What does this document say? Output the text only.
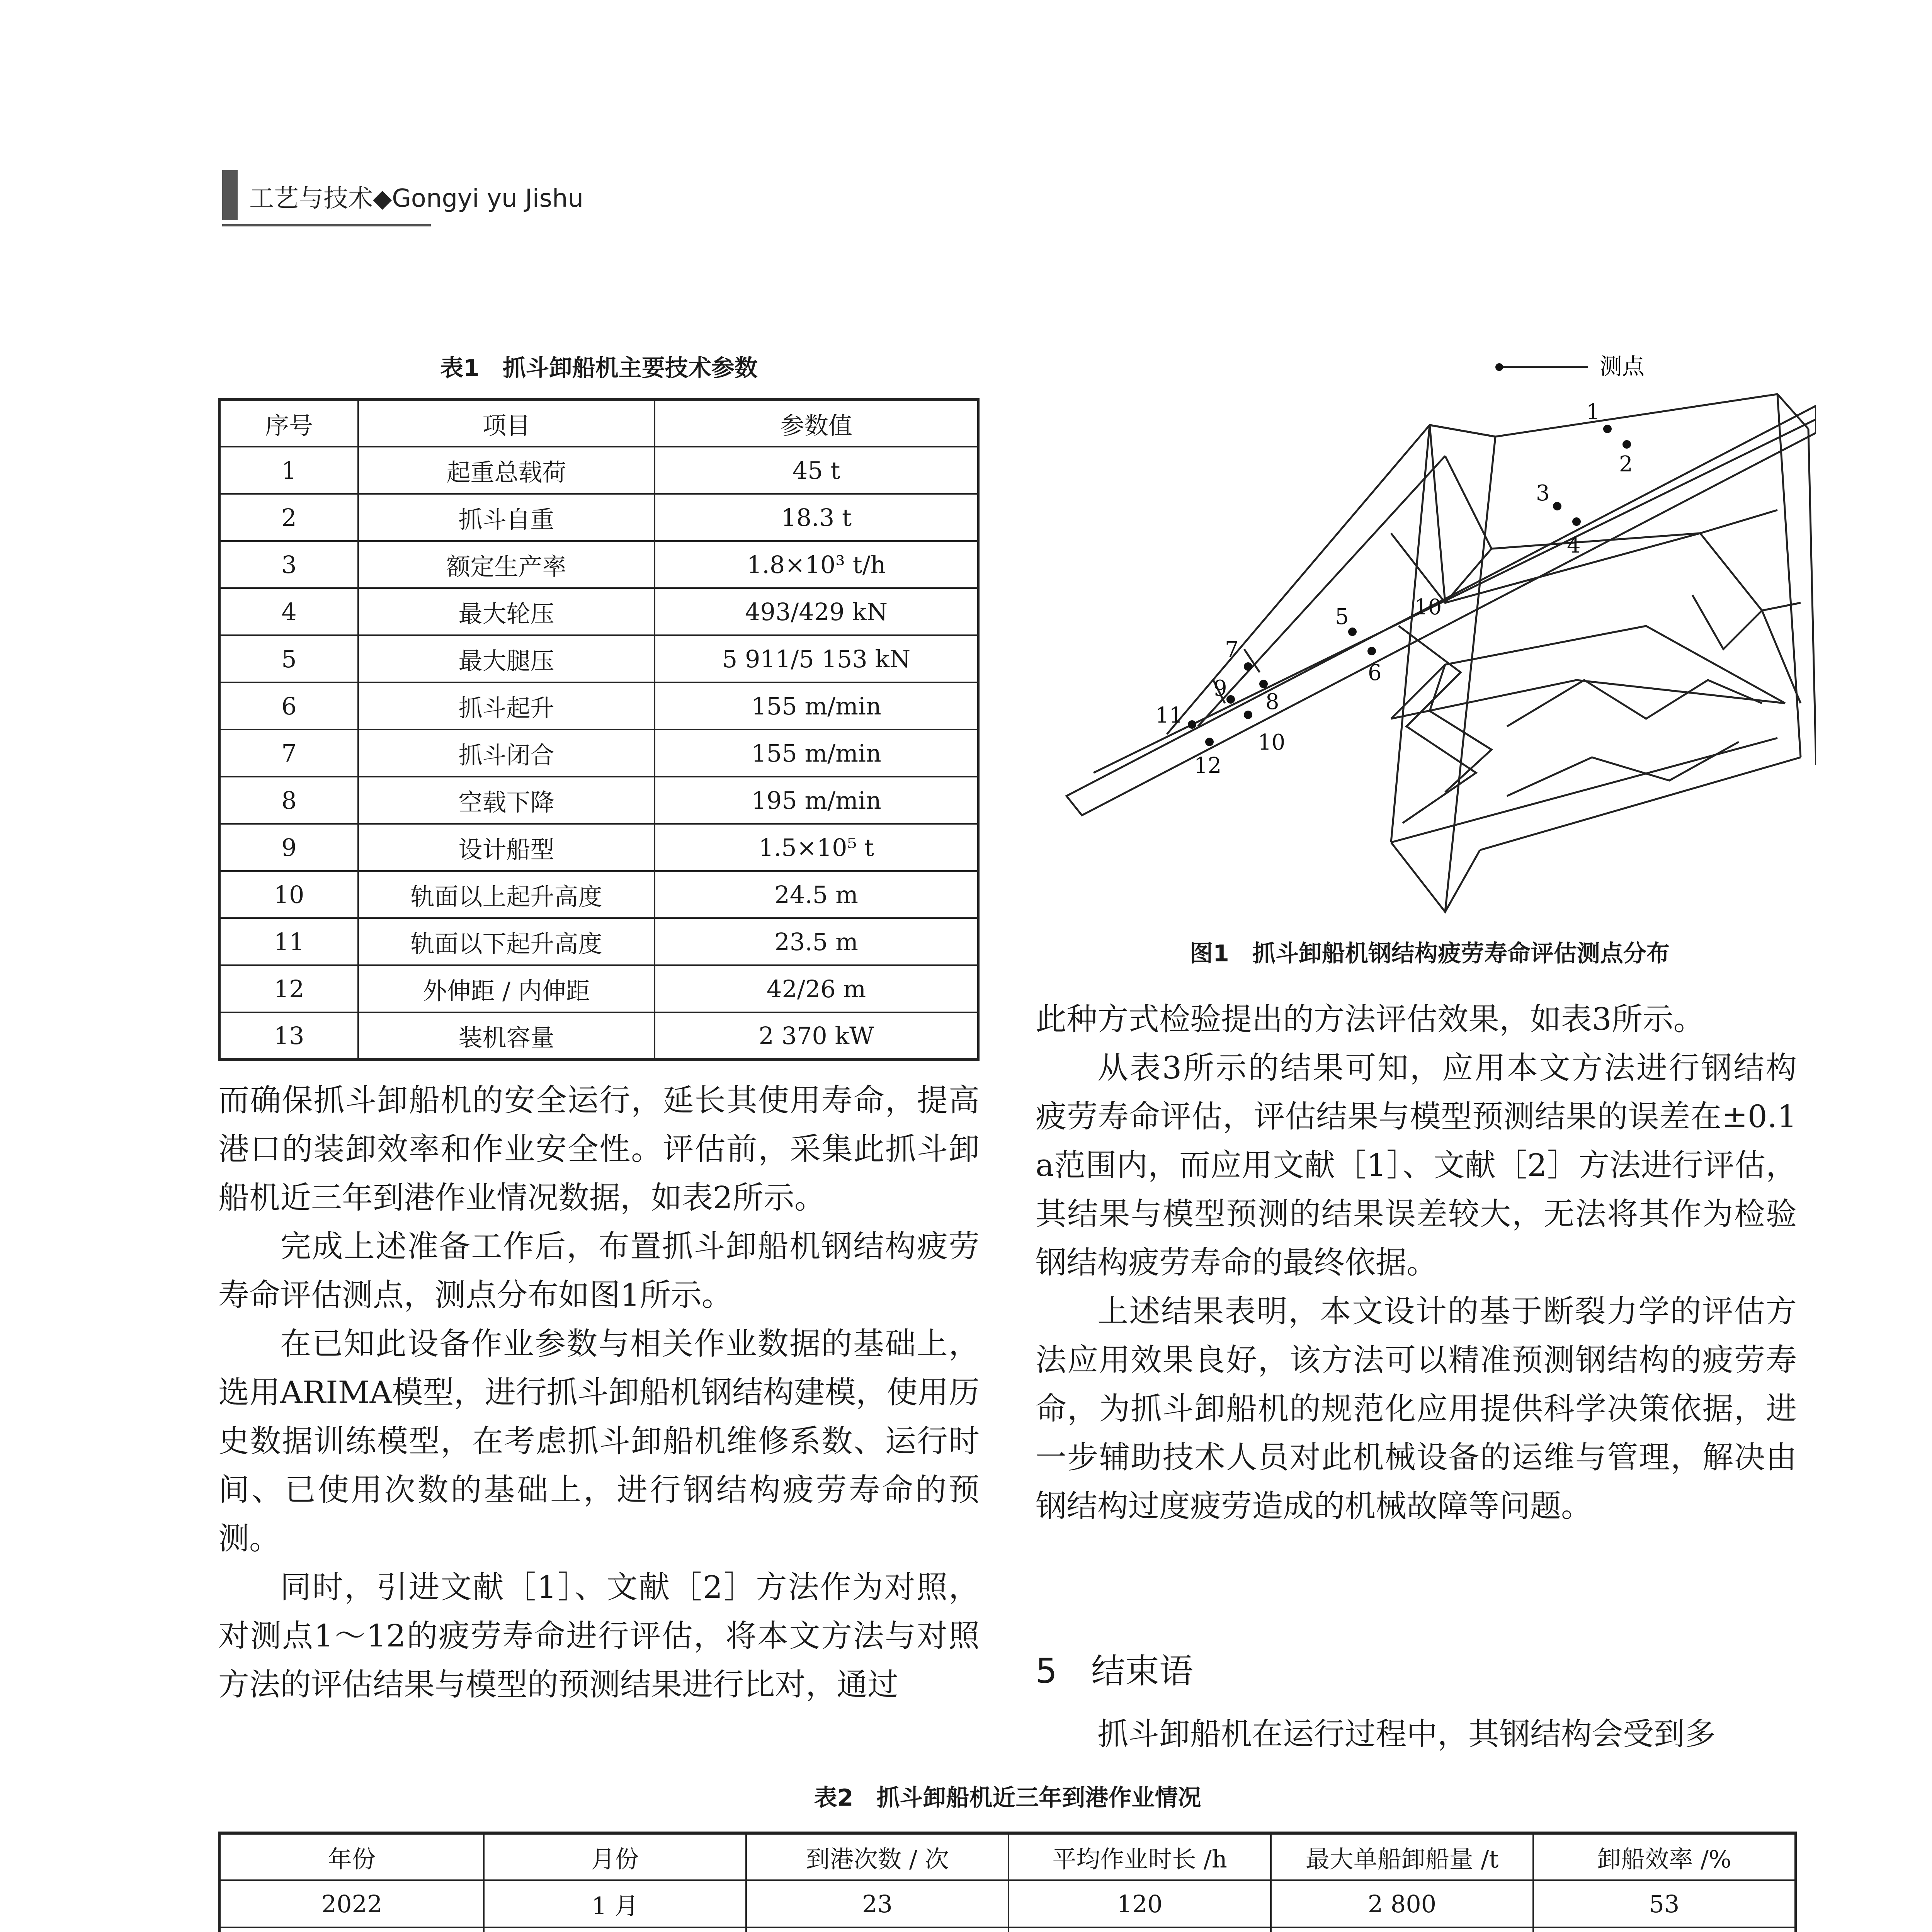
工艺与技术◆Gongyi yu Jishu
表1　抓斗卸船机主要技术参数
序号	项目	参数值
1	起重总载荷	45 t
2	抓斗自重	18.3 t
3	额定生产率	1.8×10³ t/h
4	最大轮压	493/429 kN
5	最大腿压	5 911/5 153 kN
6	抓斗起升	155 m/min
7	抓斗闭合	155 m/min
8	空载下降	195 m/min
9	设计船型	1.5×10⁵ t
10	轨面以上起升高度	24.5 m
11	轨面以下起升高度	23.5 m
12	外伸距 / 内伸距	42/26 m
13	装机容量	2 370 kW
测点
1
2
3
4
5
6
7
8
9
10
11
12
10
图1　抓斗卸船机钢结构疲劳寿命评估测点分布

而确保抓斗卸船机的安全运行，延长其使用寿命，提高港口的装卸效率和作业安全性。评估前，采集此抓斗卸船机近三年到港作业情况数据，如表2所示。

完成上述准备工作后，布置抓斗卸船机钢结构疲劳寿命评估测点，测点分布如图1所示。

在已知此设备作业参数与相关作业数据的基础上，选用ARIMA模型，进行抓斗卸船机钢结构建模，使用历史数据训练模型，在考虑抓斗卸船机维修系数、运行时间、已使用次数的基础上，进行钢结构疲劳寿命的预测。

同时，引进文献［1］、文献［2］方法作为对照，对测点1～12的疲劳寿命进行评估，将本文方法与对照方法的评估结果与模型的预测结果进行比对，通过

此种方式检验提出的方法评估效果，如表3所示。

从表3所示的结果可知，应用本文方法进行钢结构疲劳寿命评估，评估结果与模型预测结果的误差在±0.1 a范围内，而应用文献［1］、文献［2］方法进行评估，其结果与模型预测的结果误差较大，无法将其作为检验钢结构疲劳寿命的最终依据。

上述结果表明，本文设计的基于断裂力学的评估方法应用效果良好，该方法可以精准预测钢结构的疲劳寿命，为抓斗卸船机的规范化应用提供科学决策依据，进一步辅助技术人员对此机械设备的运维与管理，解决由钢结构过度疲劳造成的机械故障等问题。

5　结束语

抓斗卸船机在运行过程中，其钢结构会受到多

表2　抓斗卸船机近三年到港作业情况
年份	月份	到港次数 / 次	平均作业时长 /h	最大单船卸船量 /t	卸船效率 /%
2022	1 月	23	120	2 800	53
